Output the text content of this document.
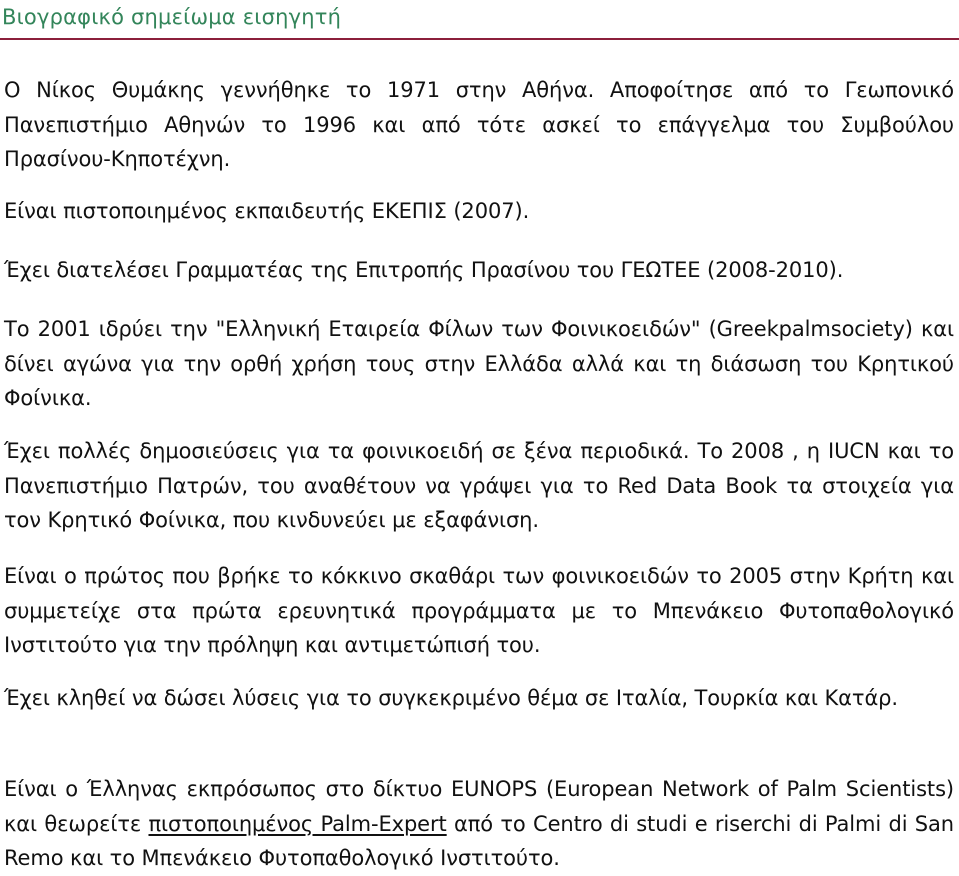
Βιογραφικό σημείωμα εισηγητή

Ο Νίκος Θυμάκης γεννήθηκε το 1971 στην Αθήνα. Αποφοίτησε από το Γεωπονικό Πανεπιστήμιο Αθηνών το 1996 και από τότε ασκεί το επάγγελμα του Συμβούλου Πρασίνου-Κηποτέχνη.

Είναι πιστοποιημένος εκπαιδευτής ΕΚΕΠΙΣ (2007).

Έχει διατελέσει Γραμματέας της Επιτροπής Πρασίνου του ΓΕΩΤΕΕ (2008-2010).

Το 2001 ιδρύει την "Ελληνική Εταιρεία Φίλων των Φοινικοειδών" (Greekpalmsociety) και δίνει αγώνα για την ορθή χρήση τους στην Ελλάδα αλλά και τη διάσωση του Κρητικού Φοίνικα.

Έχει πολλές δημοσιεύσεις για τα φοινικοειδή σε ξένα περιοδικά. Το 2008 , η IUCN και το Πανεπιστήμιο Πατρών, του αναθέτουν να γράψει για το Red Data Book τα στοιχεία για τον Κρητικό Φοίνικα, που κινδυνεύει με εξαφάνιση.

Είναι ο πρώτος που βρήκε το κόκκινο σκαθάρι των φοινικοειδών το 2005 στην Κρήτη και συμμετείχε στα πρώτα ερευνητικά προγράμματα με το Μπενάκειο Φυτοπαθολογικό Ινστιτούτο για την πρόληψη και αντιμετώπισή του.

Έχει κληθεί να δώσει λύσεις για το συγκεκριμένο θέμα σε Ιταλία, Τουρκία και Κατάρ.

Είναι ο Έλληνας εκπρόσωπος στο δίκτυο EUNOPS (European Network of Palm Scientists) και θεωρείτε πιστοποιημένος Palm-Expert από το Centro di studi e riserchi di Palmi di San Remo και το Μπενάκειο Φυτοπαθολογικό Ινστιτούτο.
